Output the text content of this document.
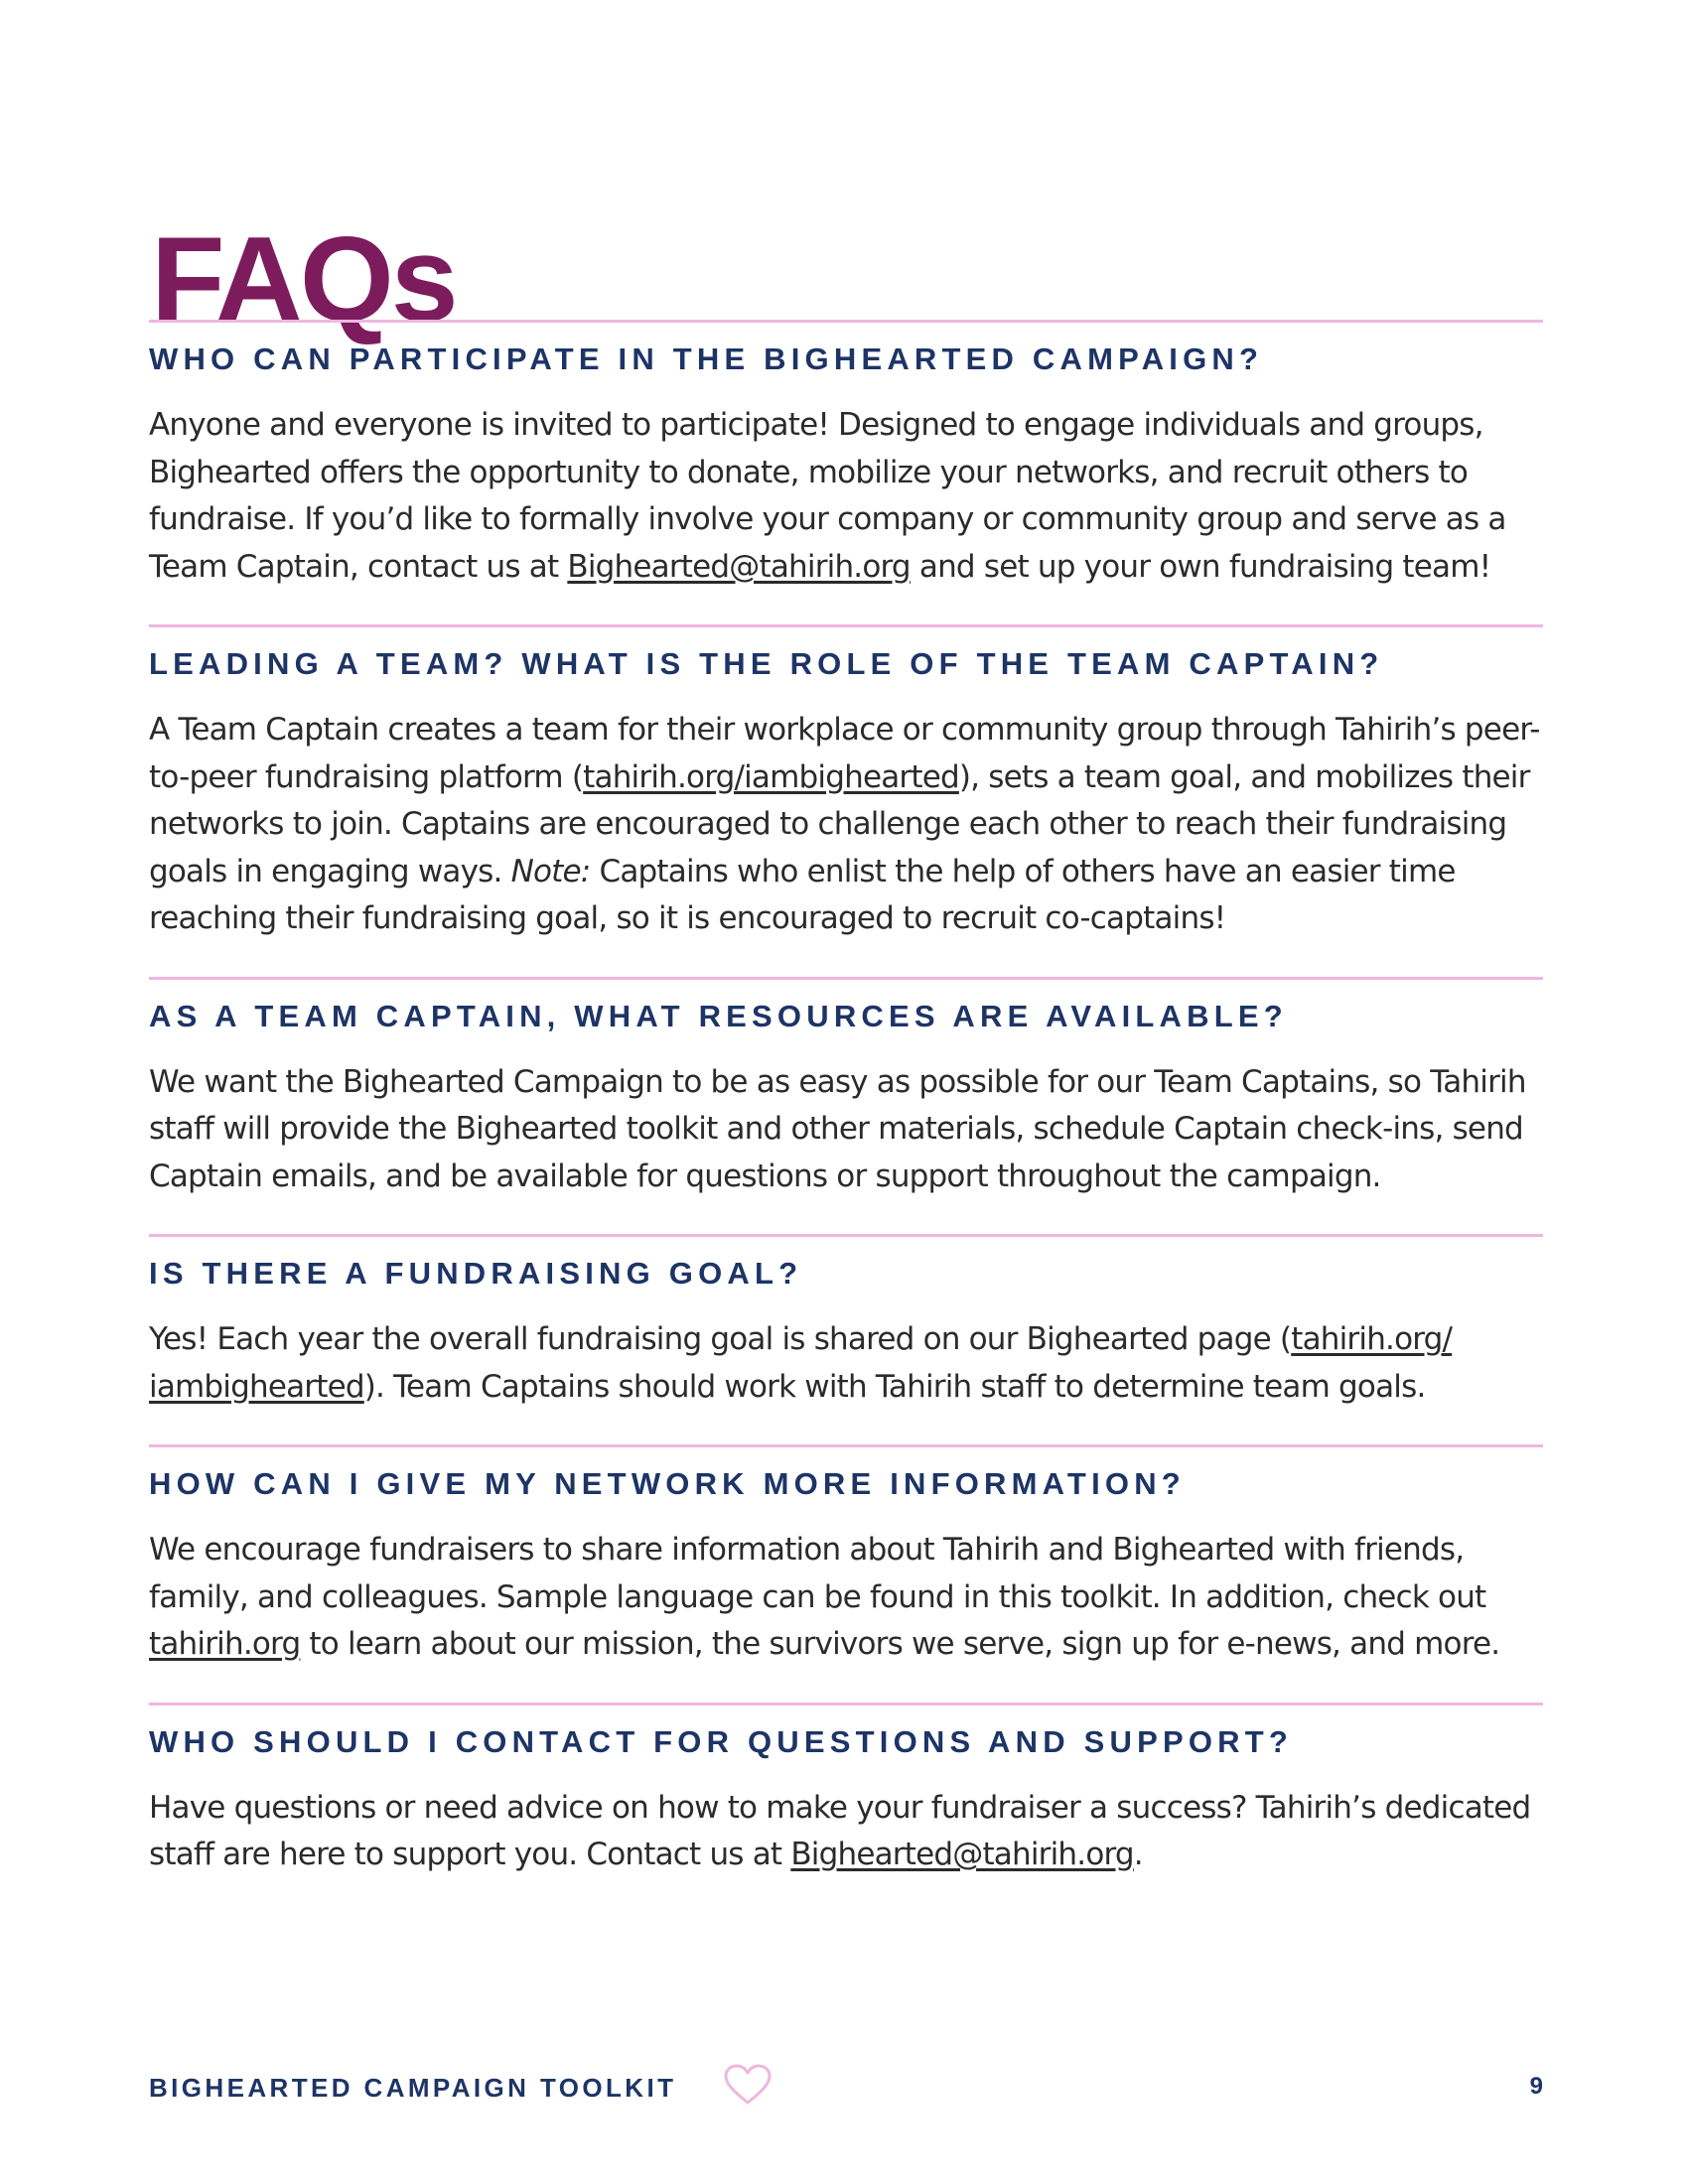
FAQs
WHO CAN PARTICIPATE IN THE BIGHEARTED CAMPAIGN?

Anyone and everyone is invited to participate! Designed to engage individuals and groups, Bighearted offers the opportunity to donate, mobilize your networks, and recruit others to fundraise. If you’d like to formally involve your company or community group and serve as a Team Captain, contact us at Bighearted@tahirih.org and set up your own fundraising team!

LEADING A TEAM? WHAT IS THE ROLE OF THE TEAM CAPTAIN?

A Team Captain creates a team for their workplace or community group through Tahirih’s peer-to-peer fundraising platform (tahirih.org/iambighearted), sets a team goal, and mobilizes their networks to join. Captains are encouraged to challenge each other to reach their fundraising goals in engaging ways. Note: Captains who enlist the help of others have an easier time reaching their fundraising goal, so it is encouraged to recruit co-captains!

AS A TEAM CAPTAIN, WHAT RESOURCES ARE AVAILABLE?

We want the Bighearted Campaign to be as easy as possible for our Team Captains, so Tahirih staff will provide the Bighearted toolkit and other materials, schedule Captain check-ins, send Captain emails, and be available for questions or support throughout the campaign.

IS THERE A FUNDRAISING GOAL?

Yes! Each year the overall fundraising goal is shared on our Bighearted page (tahirih.org/ iambighearted). Team Captains should work with Tahirih staff to determine team goals.

HOW CAN I GIVE MY NETWORK MORE INFORMATION?

We encourage fundraisers to share information about Tahirih and Bighearted with friends, family, and colleagues. Sample language can be found in this toolkit. In addition, check out tahirih.org to learn about our mission, the survivors we serve, sign up for e-news, and more.

WHO SHOULD I CONTACT FOR QUESTIONS AND SUPPORT?

Have questions or need advice on how to make your fundraiser a success? Tahirih’s dedicated staff are here to support you. Contact us at Bighearted@tahirih.org.

BIGHEARTED CAMPAIGN TOOLKIT	9
